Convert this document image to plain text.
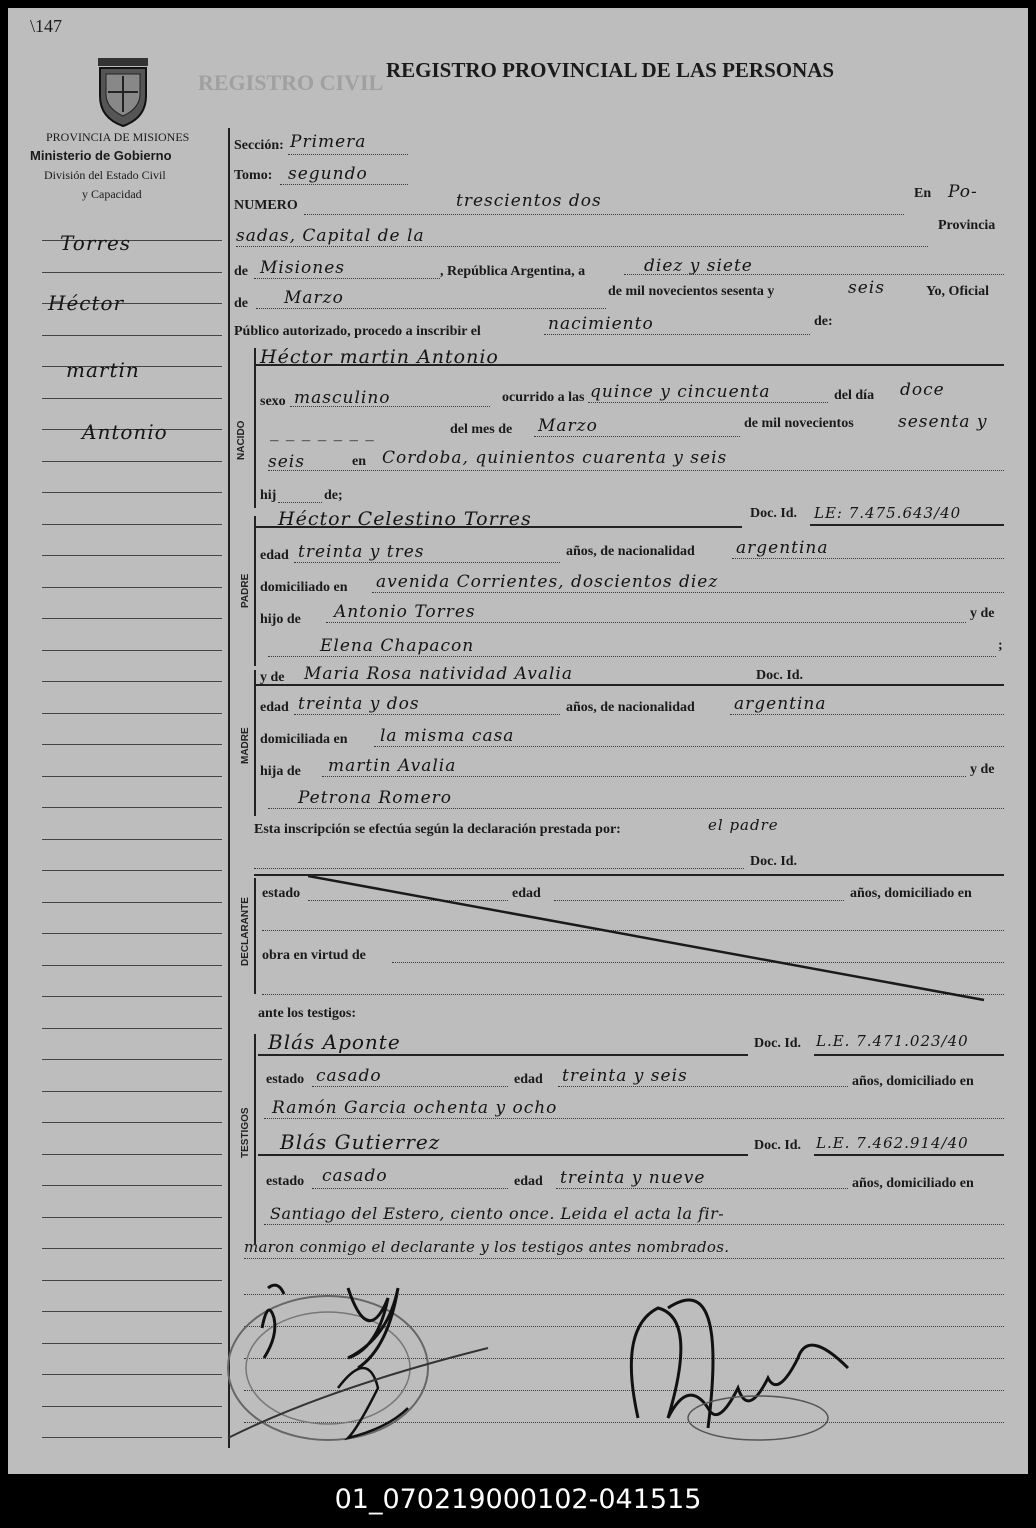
\147
REGISTRO CIVIL REGISTRO PROVINCIAL DE LAS PERSONAS
PROVINCIA DE MISIONES
Ministerio de Gobierno
División del Estado Civil
y Capacidad
Torres
Héctor
martin
Antonio
Sección: Primera
Tomo: segundo
NUMERO	trescientos dos	En Po-
sadas, Capital de la
Provincia
de Misiones	, República Argentina, a	diez y siete
de Marzo	de mil novecientos sesenta y	seis	Yo, Oficial
Público autorizado, procedo a inscribir el	nacimiento	de:
NACIDO
Héctor martin Antonio
sexo masculino	ocurrido a las quince y cincuenta	del día doce
_ _ _ _ _ _ _	del mes de Marzo	de mil novecientos	sesenta y
seis	en Cordoba, quinientos cuarenta y seis
hij	de;
PADRE
Héctor Celestino Torres	Doc. Id. LE: 7.475.643/40
edad treinta y tres	años, de nacionalidad argentina
domiciliado en avenida Corrientes, doscientos diez
hijo de Antonio Torres	y de
Elena Chapacon	;
MADRE
y de Maria Rosa natividad Avalia	Doc. Id.
edad treinta y dos	años, de nacionalidad argentina
domiciliada en la misma casa
hija de martin Avalia	y de
Petrona Romero
Esta inscripción se efectúa según la declaración prestada por:	el padre
Doc. Id.
DECLARANTE
estado	edad	años, domiciliado en
obra en virtud de
ante los testigos:
TESTIGOS
Blás Aponte	Doc. Id. L.E. 7.471.023/40
estado casado	edad treinta y seis	años, domiciliado en
Ramón Garcia ochenta y ocho
Blás Gutierrez	Doc. Id. L.E. 7.462.914/40
estado casado	edad treinta y nueve	años, domiciliado en
Santiago del Estero, ciento once. Leida el acta la fir-
maron conmigo el declarante y los testigos antes nombrados.
01_070219000102-041515
